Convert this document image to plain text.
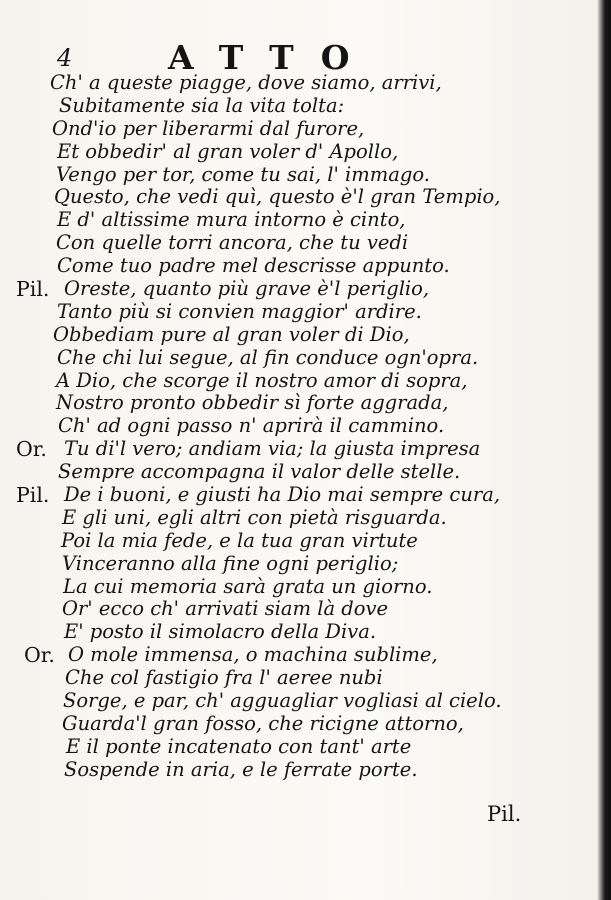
4	ATTO
Ch' a queste piagge, dove siamo, arrivi,
Subitamente sia la vita tolta:
Ond'io per liberarmi dal furore,
Et obbedir' al gran voler d' Apollo,
Vengo per tor, come tu sai, l' immago.
Questo, che vedi quì, questo è'l gran Tempio,
E d' altissime mura intorno è cinto,
Con quelle torri ancora, che tu vedi
Come tuo padre mel descrisse appunto.
Pil. Oreste, quanto più grave è'l periglio,
Tanto più si convien maggior' ardire.
Obbediam pure al gran voler di Dio,
Che chi lui segue, al fin conduce ogn'opra.
A Dio, che scorge il nostro amor di sopra,
Nostro pronto obbedir sì forte aggrada,
Ch' ad ogni passo n' aprirà il cammino.
Or. Tu di'l vero; andiam via; la giusta impresa
Sempre accompagna il valor delle stelle.
Pil. De i buoni, e giusti ha Dio mai sempre cura,
E gli uni, egli altri con pietà risguarda.
Poi la mia fede, e la tua gran virtute
Vinceranno alla fine ogni periglio;
La cui memoria sarà grata un giorno.
Or' ecco ch' arrivati siam là dove
E' posto il simolacro della Diva.
Or. O mole immensa, o machina sublime,
Che col fastigio fra l' aeree nubi
Sorge, e par, ch' agguagliar vogliasi al cielo.
Guarda'l gran fosso, che ricigne attorno,
E il ponte incatenato con tant' arte
Sospende in aria, e le ferrate porte.
Pil.
